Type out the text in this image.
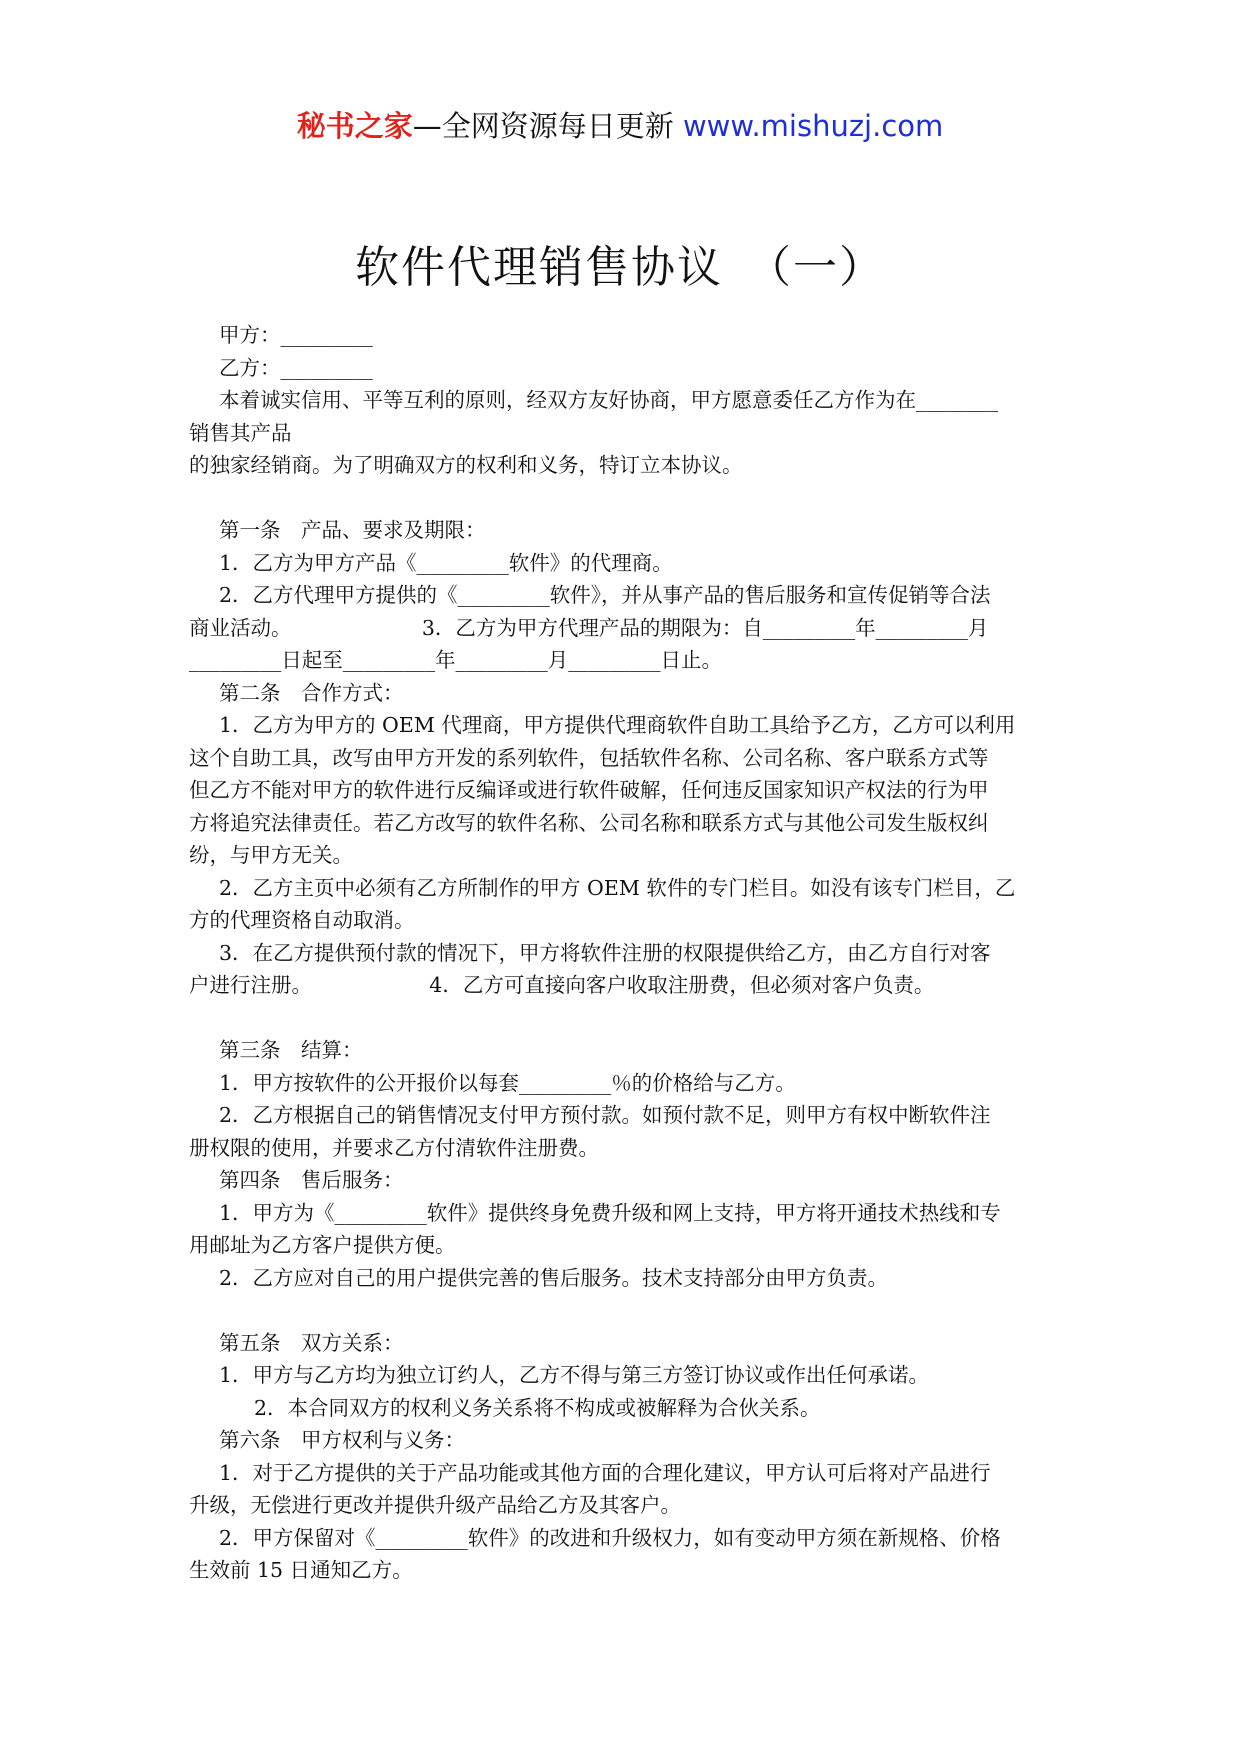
秘书之家—全网资源每日更新 www.mishuzj.com
软件代理销售协议　（一）

甲方：_________

乙方：_________

本着诚实信用、平等互利的原则，经双方友好协商，甲方愿意委任乙方作为在________

销售其产品

的独家经销商。为了明确双方的权利和义务，特订立本协议。

第一条　产品、要求及期限：

1．乙方为甲方产品《_________软件》的代理商。

2．乙方代理甲方提供的《_________软件》，并从事产品的售后服务和宣传促销等合法

商业活动。                    3．乙方为甲方代理产品的期限为：自_________年_________月

_________日起至_________年_________月_________日止。

第二条　合作方式：

1．乙方为甲方的 OEM 代理商，甲方提供代理商软件自助工具给予乙方，乙方可以利用

这个自助工具，改写由甲方开发的系列软件，包括软件名称、公司名称、客户联系方式等

但乙方不能对甲方的软件进行反编译或进行软件破解，任何违反国家知识产权法的行为甲

方将追究法律责任。若乙方改写的软件名称、公司名称和联系方式与其他公司发生版权纠

纷，与甲方无关。

2．乙方主页中必须有乙方所制作的甲方 OEM 软件的专门栏目。如没有该专门栏目，乙

方的代理资格自动取消。

3．在乙方提供预付款的情况下，甲方将软件注册的权限提供给乙方，由乙方自行对客

户进行注册。                  4．乙方可直接向客户收取注册费，但必须对客户负责。

第三条　结算：

1．甲方按软件的公开报价以每套_________％的价格给与乙方。

2．乙方根据自己的销售情况支付甲方预付款。如预付款不足，则甲方有权中断软件注

册权限的使用，并要求乙方付清软件注册费。

第四条　售后服务：

1．甲方为《_________软件》提供终身免费升级和网上支持，甲方将开通技术热线和专

用邮址为乙方客户提供方便。

2．乙方应对自己的用户提供完善的售后服务。技术支持部分由甲方负责。

第五条　双方关系：

1．甲方与乙方均为独立订约人，乙方不得与第三方签订协议或作出任何承诺。

2．本合同双方的权利义务关系将不构成或被解释为合伙关系。

第六条　甲方权利与义务：

1．对于乙方提供的关于产品功能或其他方面的合理化建议，甲方认可后将对产品进行

升级，无偿进行更改并提供升级产品给乙方及其客户。

2．甲方保留对《_________软件》的改进和升级权力，如有变动甲方须在新规格、价格

生效前 15 日通知乙方。
